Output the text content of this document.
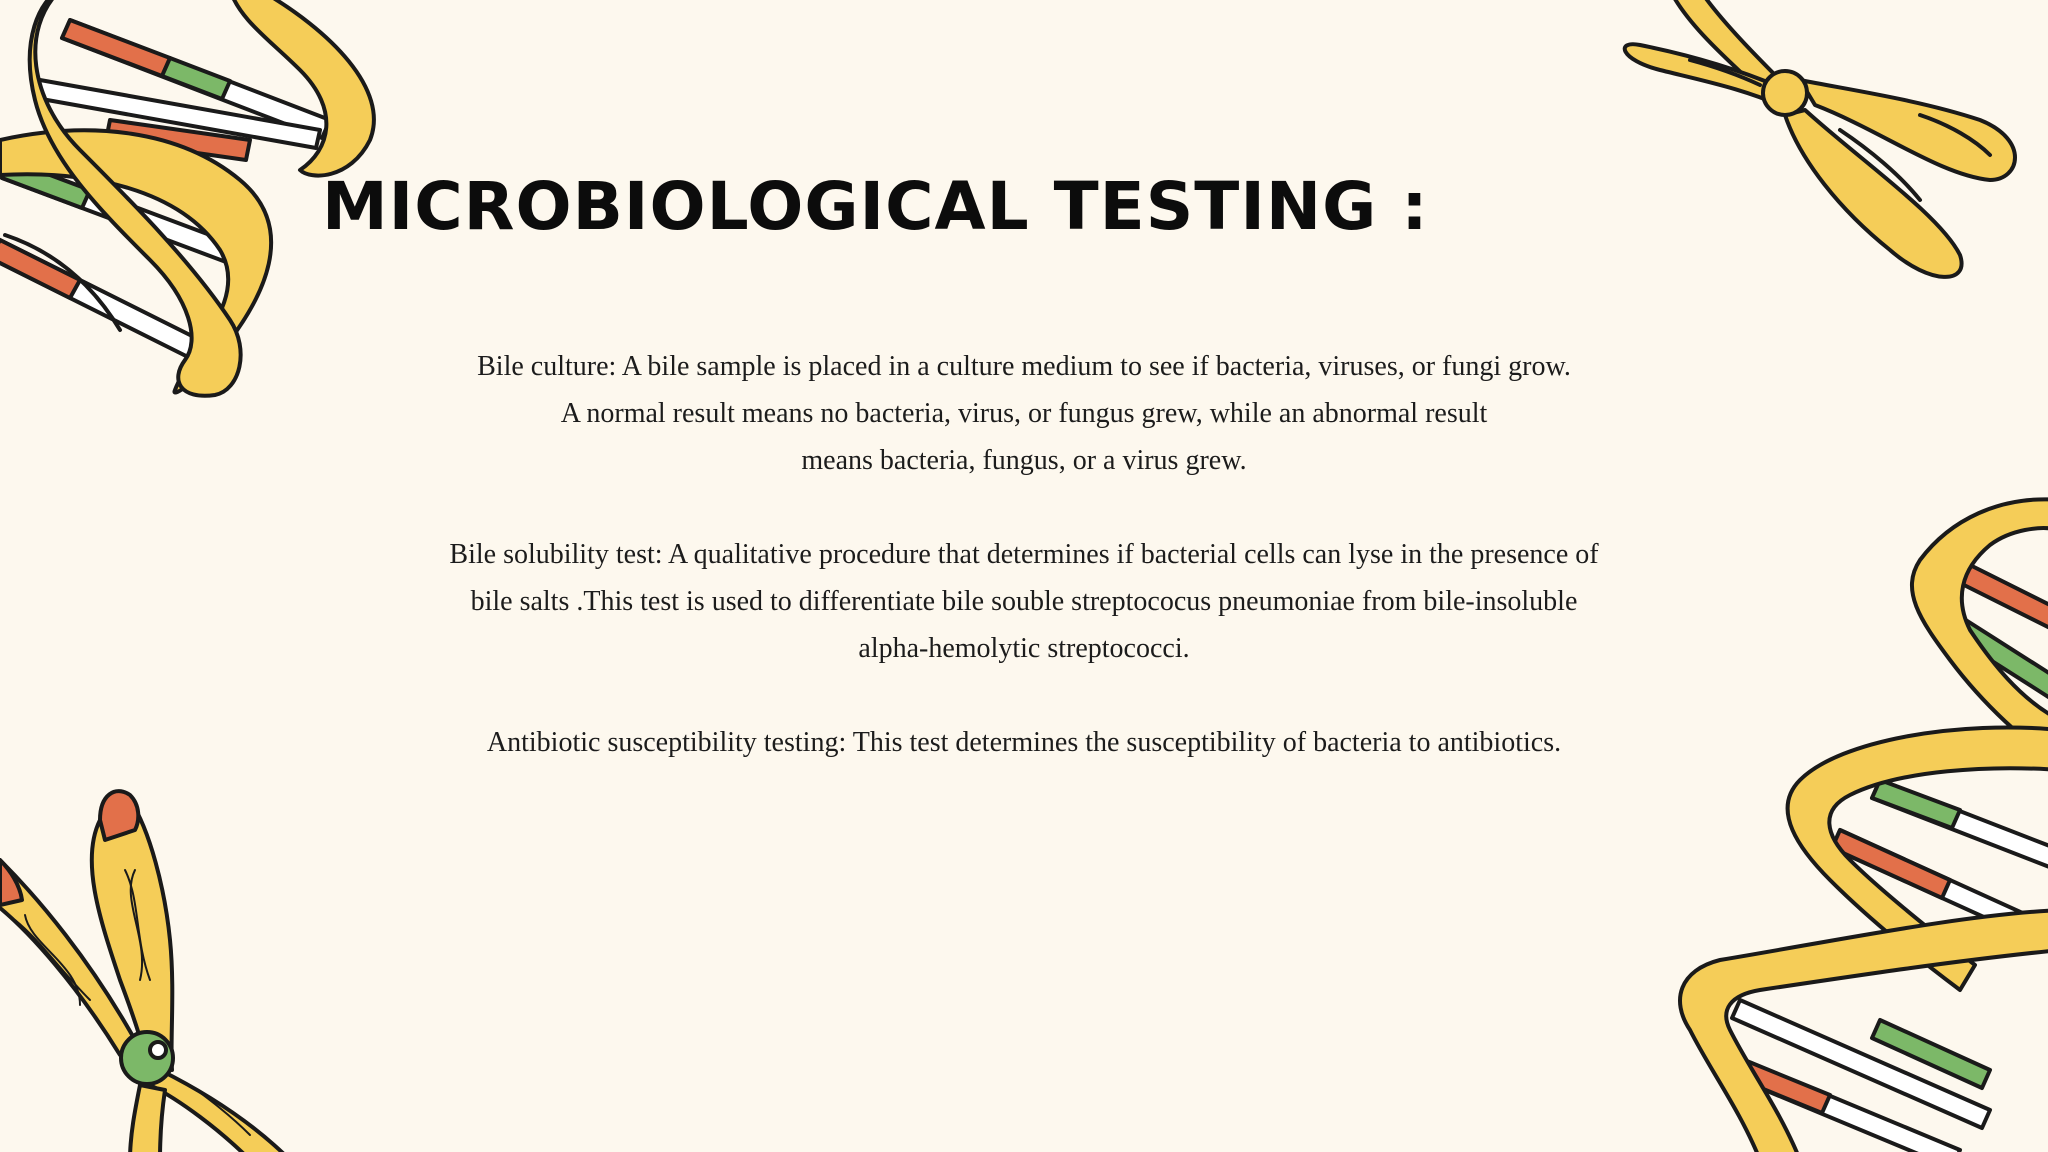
MICROBIOLOGICAL TESTING :
Bile culture: A bile sample is placed in a culture medium to see if bacteria, viruses, or fungi grow.
A normal result means no bacteria, virus, or fungus grew, while an abnormal result
means bacteria, fungus, or a virus grew.
Bile solubility test: A qualitative procedure that determines if bacterial cells can lyse in the presence of
bile salts .This test is used to differentiate bile souble streptococus pneumoniae from bile-insoluble
alpha-hemolytic streptococci.
Antibiotic susceptibility testing: This test determines the susceptibility of bacteria to antibiotics.
